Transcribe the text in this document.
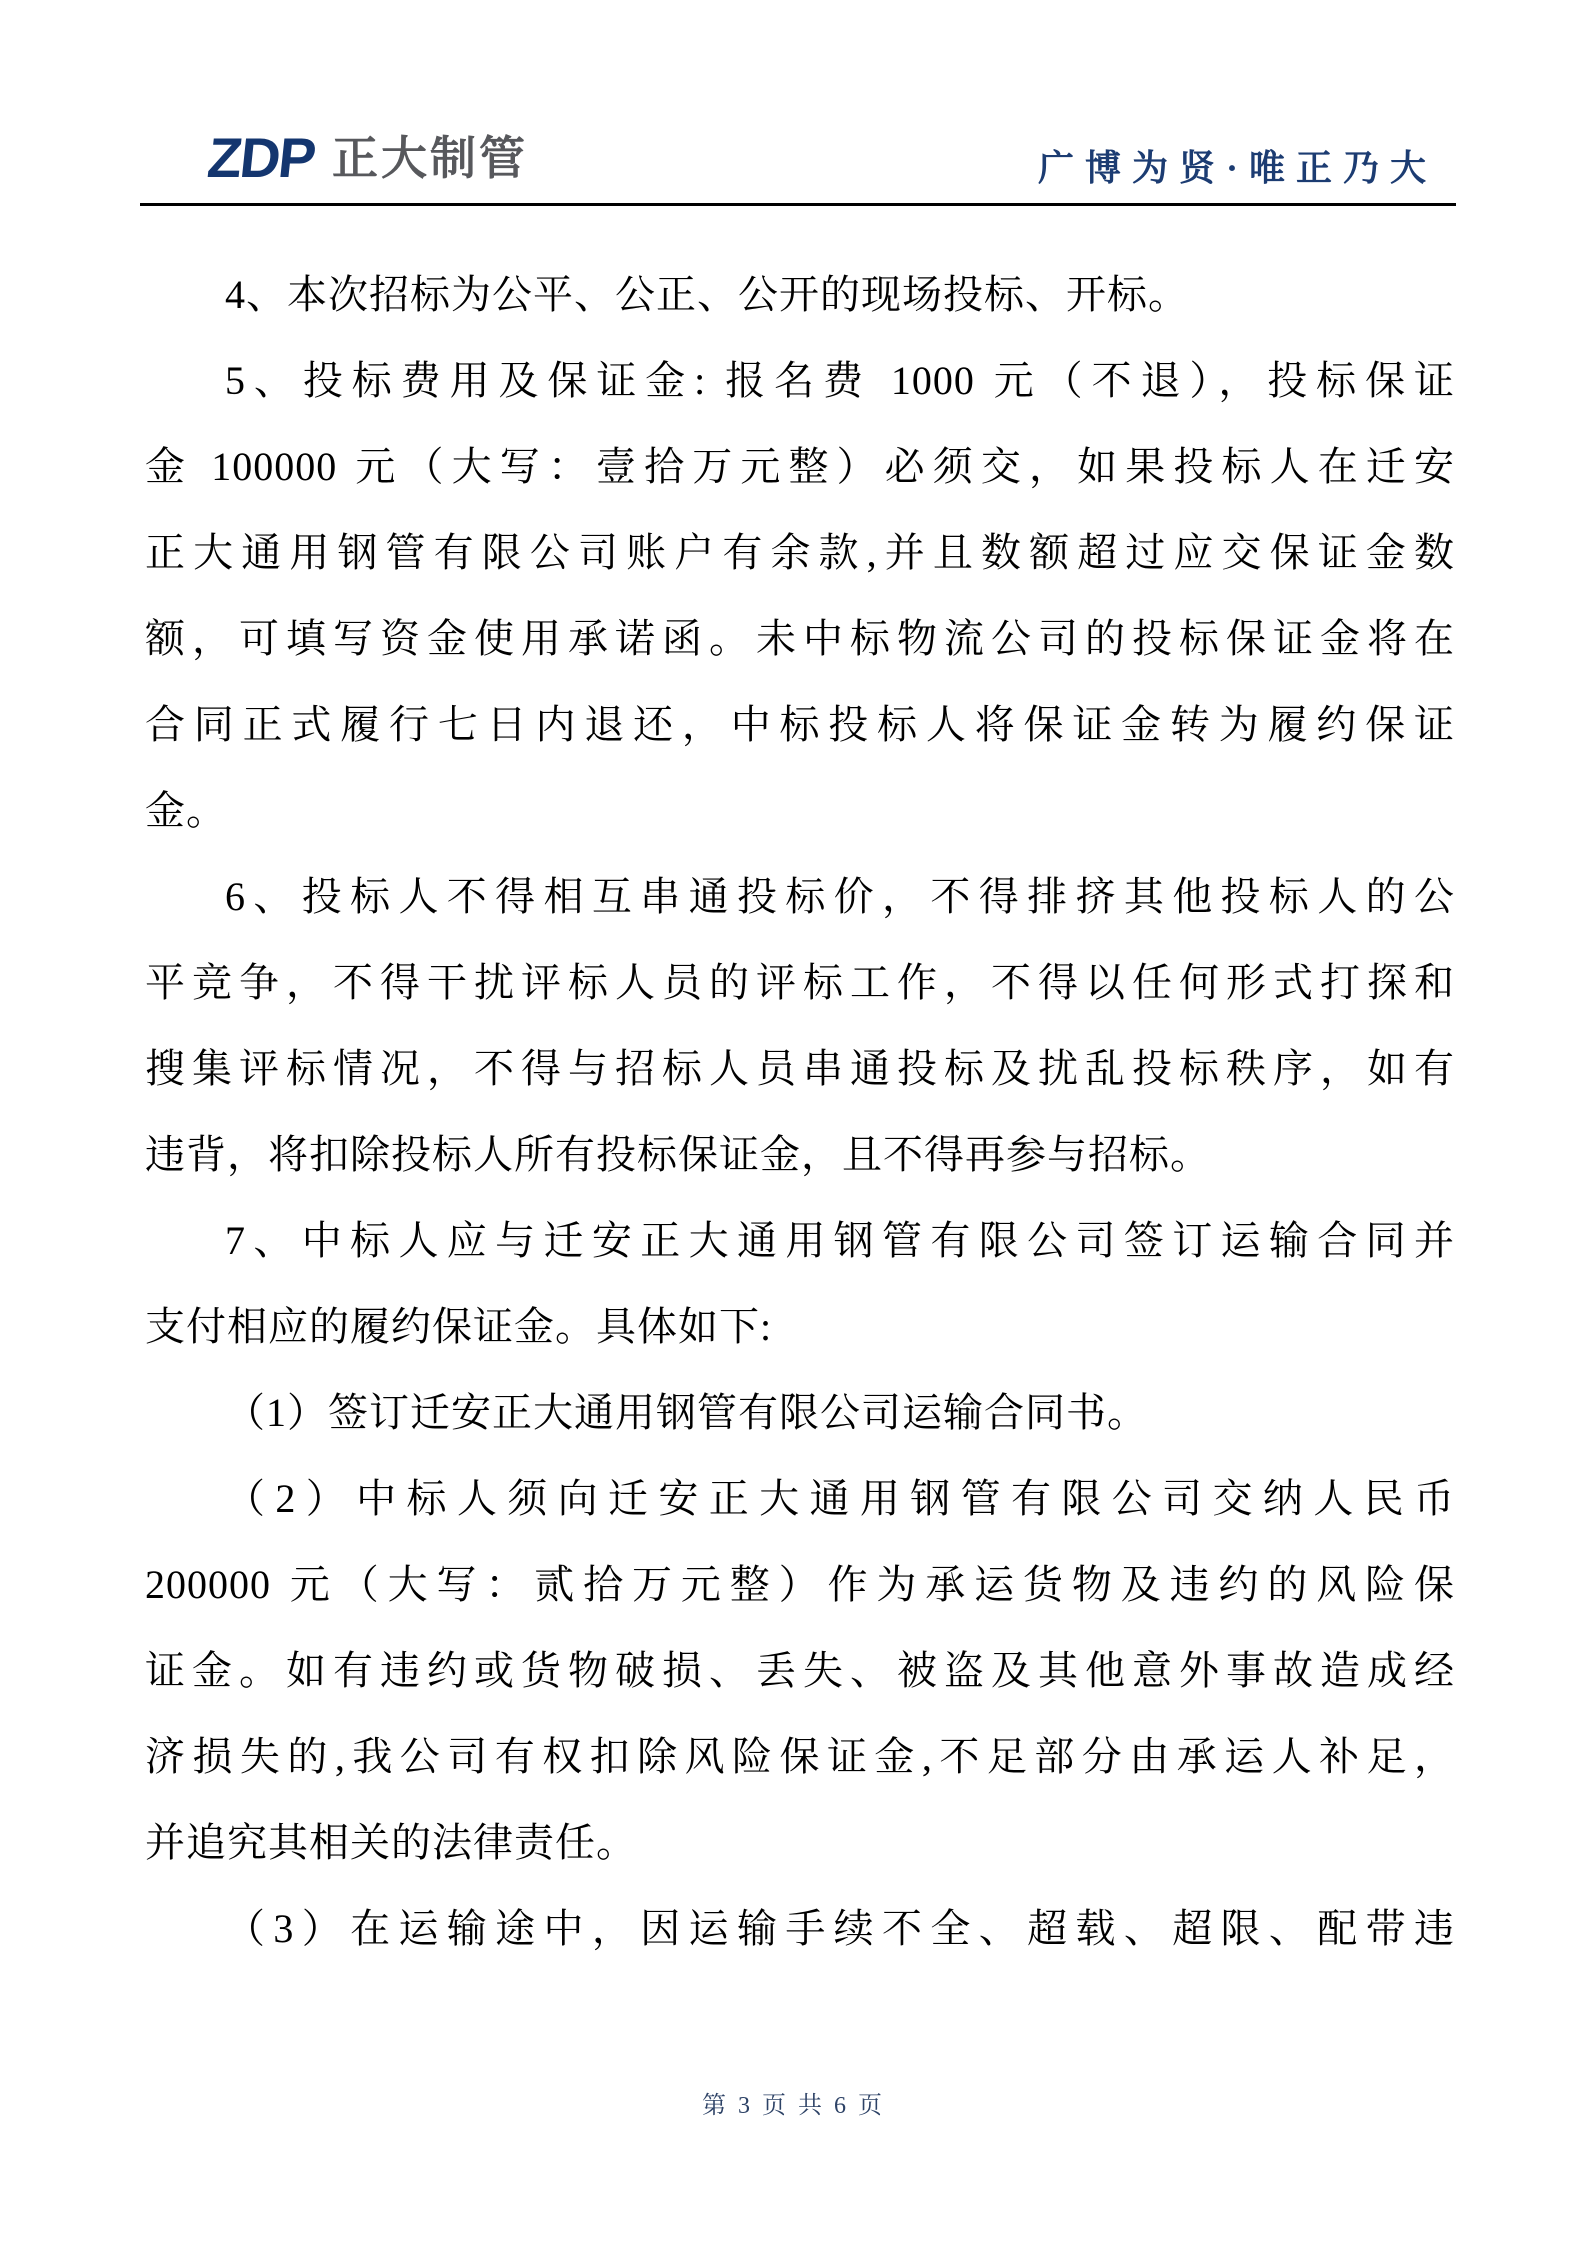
ZDP 正大制管	广博为贤·唯正乃大
4、本次招标为公平、公正、公开的现场投标、开标。
5、投标费用及保证金: 报名费 1000 元（不退），投标保证
金 100000 元（大写：壹拾万元整）必须交，如果投标人在迁安
正大通用钢管有限公司账户有余款,并且数额超过应交保证金数
额，可填写资金使用承诺函。未中标物流公司的投标保证金将在
合同正式履行七日内退还，中标投标人将保证金转为履约保证
金。
6、投标人不得相互串通投标价，不得排挤其他投标人的公
平竞争，不得干扰评标人员的评标工作，不得以任何形式打探和
搜集评标情况，不得与招标人员串通投标及扰乱投标秩序，如有
违背，将扣除投标人所有投标保证金，且不得再参与招标。
7、中标人应与迁安正大通用钢管有限公司签订运输合同并
支付相应的履约保证金。具体如下:
（1）签订迁安正大通用钢管有限公司运输合同书。
（2）中标人须向迁安正大通用钢管有限公司交纳人民币
200000 元（大写：贰拾万元整）作为承运货物及违约的风险保
证金。如有违约或货物破损、丢失、被盗及其他意外事故造成经
济损失的,我公司有权扣除风险保证金,不足部分由承运人补足，
并追究其相关的法律责任。
（3）在运输途中，因运输手续不全、超载、超限、配带违
第 3 页 共 6 页
